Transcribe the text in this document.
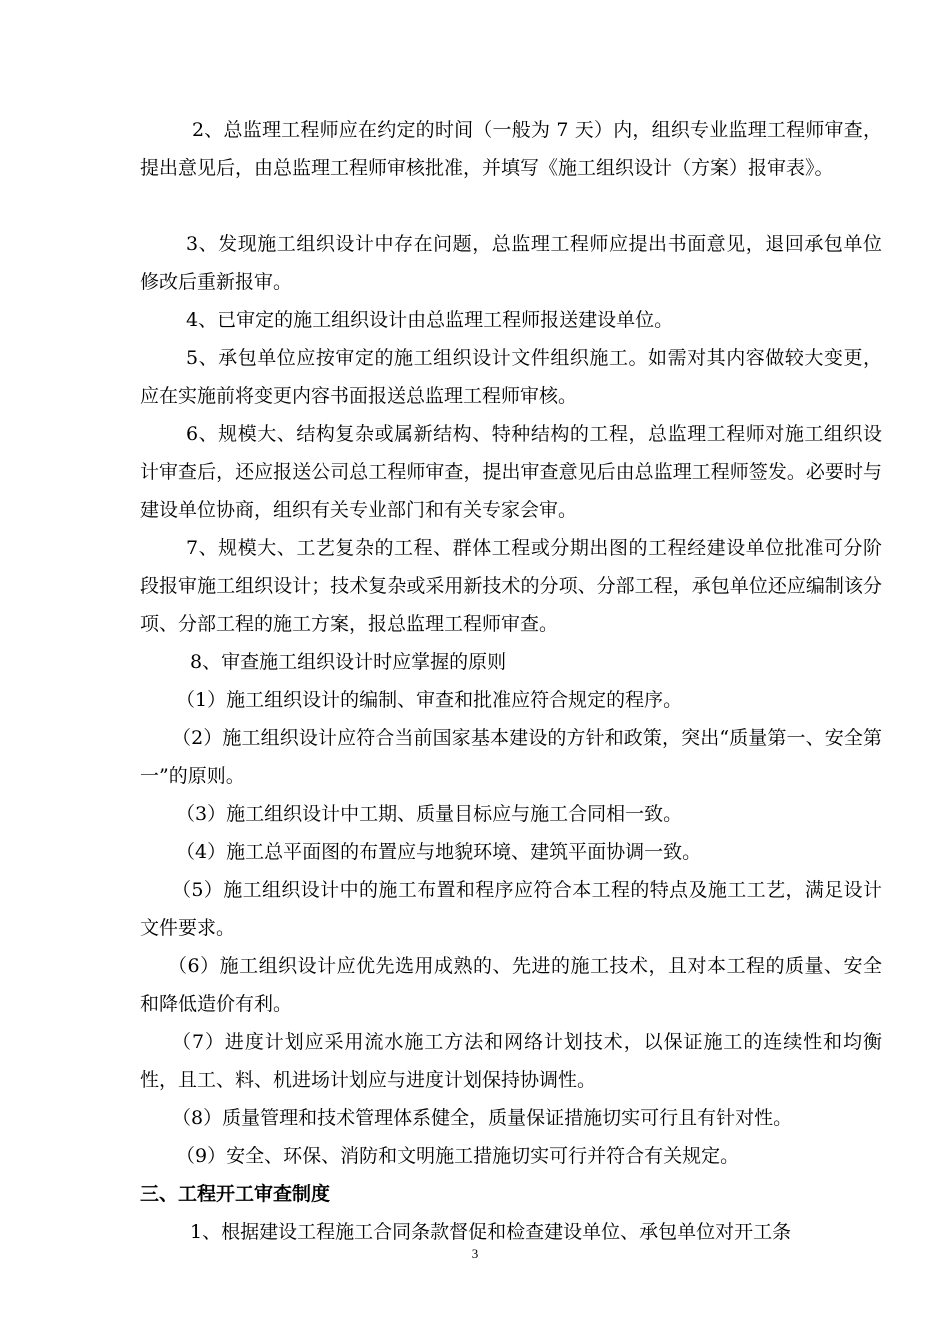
2、总监理工程师应在约定的时间（一般为 7 天）内，组织专业监理工程师审查，提出意见后，由总监理工程师审核批准，并填写《施工组织设计（方案）报审表》。

3、发现施工组织设计中存在问题，总监理工程师应提出书面意见，退回承包单位修改后重新报审。

4、已审定的施工组织设计由总监理工程师报送建设单位。

5、承包单位应按审定的施工组织设计文件组织施工。如需对其内容做较大变更，应在实施前将变更内容书面报送总监理工程师审核。

6、规模大、结构复杂或属新结构、特种结构的工程，总监理工程师对施工组织设计审查后，还应报送公司总工程师审查，提出审查意见后由总监理工程师签发。必要时与建设单位协商，组织有关专业部门和有关专家会审。

7、规模大、工艺复杂的工程、群体工程或分期出图的工程经建设单位批准可分阶段报审施工组织设计；技术复杂或采用新技术的分项、分部工程，承包单位还应编制该分项、分部工程的施工方案，报总监理工程师审查。

8、审查施工组织设计时应掌握的原则

（1）施工组织设计的编制、审查和批准应符合规定的程序。

（2）施工组织设计应符合当前国家基本建设的方针和政策，突出“质量第一、安全第一”的原则。

（3）施工组织设计中工期、质量目标应与施工合同相一致。

（4）施工总平面图的布置应与地貌环境、建筑平面协调一致。

（5）施工组织设计中的施工布置和程序应符合本工程的特点及施工工艺，满足设计文件要求。

（6）施工组织设计应优先选用成熟的、先进的施工技术，且对本工程的质量、安全和降低造价有利。

（7）进度计划应采用流水施工方法和网络计划技术，以保证施工的连续性和均衡性，且工、料、机进场计划应与进度计划保持协调性。

（8）质量管理和技术管理体系健全，质量保证措施切实可行且有针对性。

（9）安全、环保、消防和文明施工措施切实可行并符合有关规定。

三、工程开工审查制度

1、根据建设工程施工合同条款督促和检查建设单位、承包单位对开工条

3
